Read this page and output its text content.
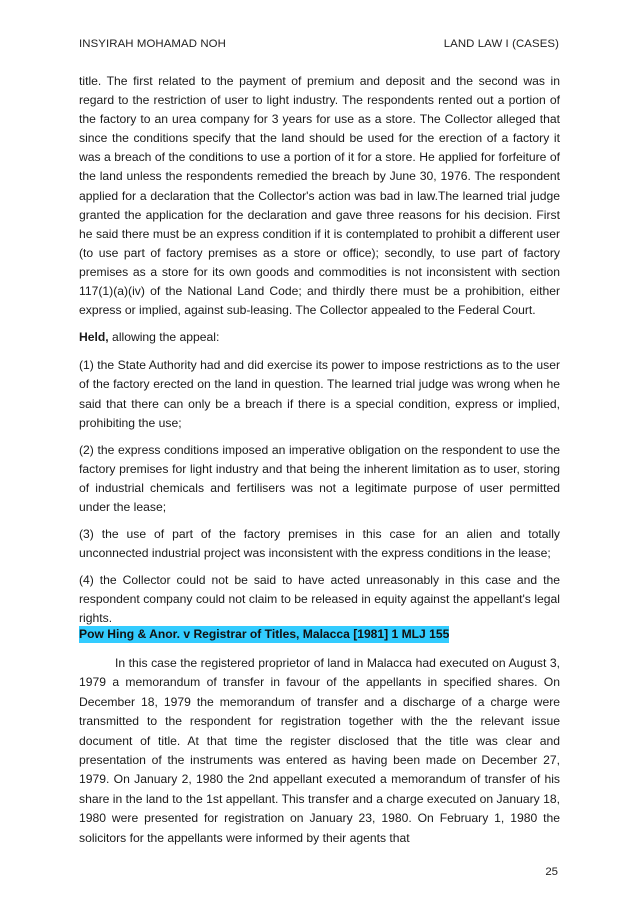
INSYIRAH MOHAMAD NOH	LAND LAW I (CASES)

title. The first related to the payment of premium and deposit and the second was in regard to the restriction of user to light industry. The respondents rented out a portion of the factory to an urea company for 3 years for use as a store. The Collector alleged that since the conditions specify that the land should be used for the erection of a factory it was a breach of the conditions to use a portion of it for a store. He applied for forfeiture of the land unless the respondents remedied the breach by June 30, 1976. The respondent applied for a declaration that the Collector's action was bad in law.The learned trial judge granted the application for the declaration and gave three reasons for his decision. First he said there must be an express condition if it is contemplated to prohibit a different user (to use part of factory premises as a store or office); secondly, to use part of factory premises as a store for its own goods and commodities is not inconsistent with section 117(1)(a)(iv) of the National Land Code; and thirdly there must be a prohibition, either express or implied, against sub-leasing. The Collector appealed to the Federal Court.

Held, allowing the appeal:

(1) the State Authority had and did exercise its power to impose restrictions as to the user of the factory erected on the land in question. The learned trial judge was wrong when he said that there can only be a breach if there is a special condition, express or implied, prohibiting the use;

(2) the express conditions imposed an imperative obligation on the respondent to use the factory premises for light industry and that being the inherent limitation as to user, storing of industrial chemicals and fertilisers was not a legitimate purpose of user permitted under the lease;

(3) the use of part of the factory premises in this case for an alien and totally unconnected industrial project was inconsistent with the express conditions in the lease;

(4) the Collector could not be said to have acted unreasonably in this case and the respondent company could not claim to be released in equity against the appellant's legal rights.

Pow Hing & Anor. v Registrar of Titles, Malacca [1981] 1 MLJ 155

In this case the registered proprietor of land in Malacca had executed on August 3, 1979 a memorandum of transfer in favour of the appellants in specified shares. On December 18, 1979 the memorandum of transfer and a discharge of a charge were transmitted to the respondent for registration together with the the relevant issue document of title. At that time the register disclosed that the title was clear and presentation of the instruments was entered as having been made on December 27, 1979. On January 2, 1980 the 2nd appellant executed a memorandum of transfer of his share in the land to the 1st appellant. This transfer and a charge executed on January 18, 1980 were presented for registration on January 23, 1980. On February 1, 1980 the solicitors for the appellants were informed by their agents that

25
